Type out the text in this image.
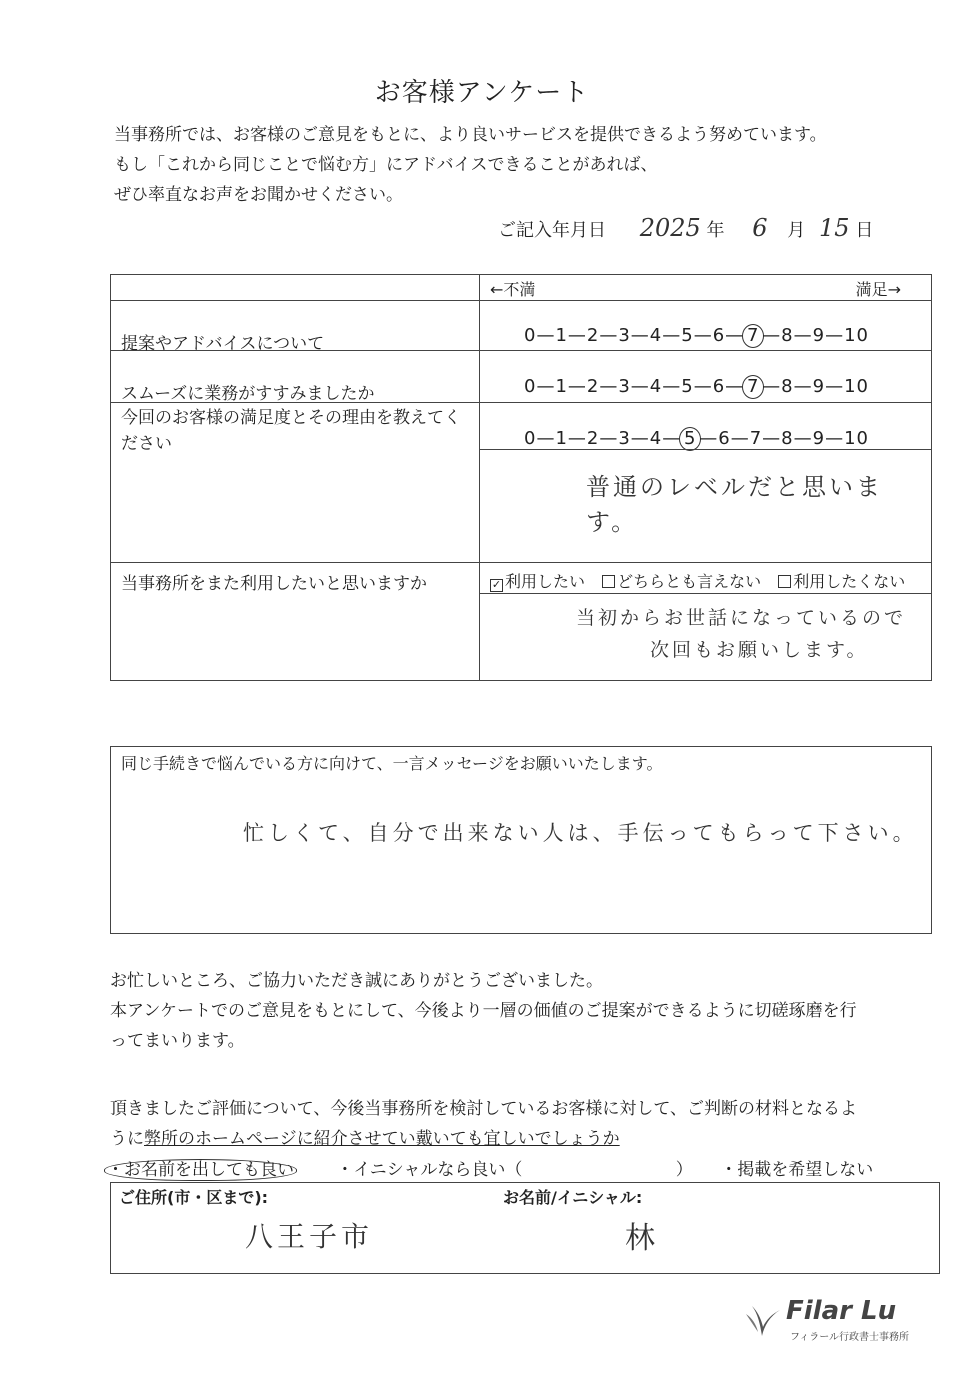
お客様アンケート
当事務所では、お客様のご意見をもとに、より良いサービスを提供できるよう努めています。
もし「これから同じことで悩む方」にアドバイスできることがあれば、
ぜひ率直なお声をお聞かせください。
ご記入年月日 2025 年 6 月 15 日

	←不満 満足→

提案やアドバイスについて	0—1—2—3—4—5—6— 7 —8—9—10

スムーズに業務がすすみましたか	0—1—2—3—4—5—6— 7 —8—9—10

今回のお客様の満足度とその理由を教えてください	0—1—2—3—4— 5 —6—7—8—9—10
普通のレベルだと思います。

当事務所をまた利用したいと思いますか	✓ 利用したい どちらとも言えない 利用したくない
当初からお世話になっているので
次回もお願いします。
同じ手続きで悩んでいる方に向けて、一言メッセージをお願いいたします。
忙しくて、自分で出来ない人は、手伝ってもらって下さい。
お忙しいところ、ご協力いただき誠にありがとうございました。
本アンケートでのご意見をもとにして、今後より一層の価値のご提案ができるように切磋琢磨を行
ってまいります。
頂きましたご評価について、今後当事務所を検討しているお客様に対して、ご判断の材料となるよ
うに弊所のホームページに紹介させてい戴いても宜しいでしょうか
・お名前を出しても良い ・イニシャルなら良い（	） ・掲載を希望しない
ご住所(市・区まで):
八王子市
お名前/イニシャル:
林
Filar Lu
フィラール行政書士事務所
